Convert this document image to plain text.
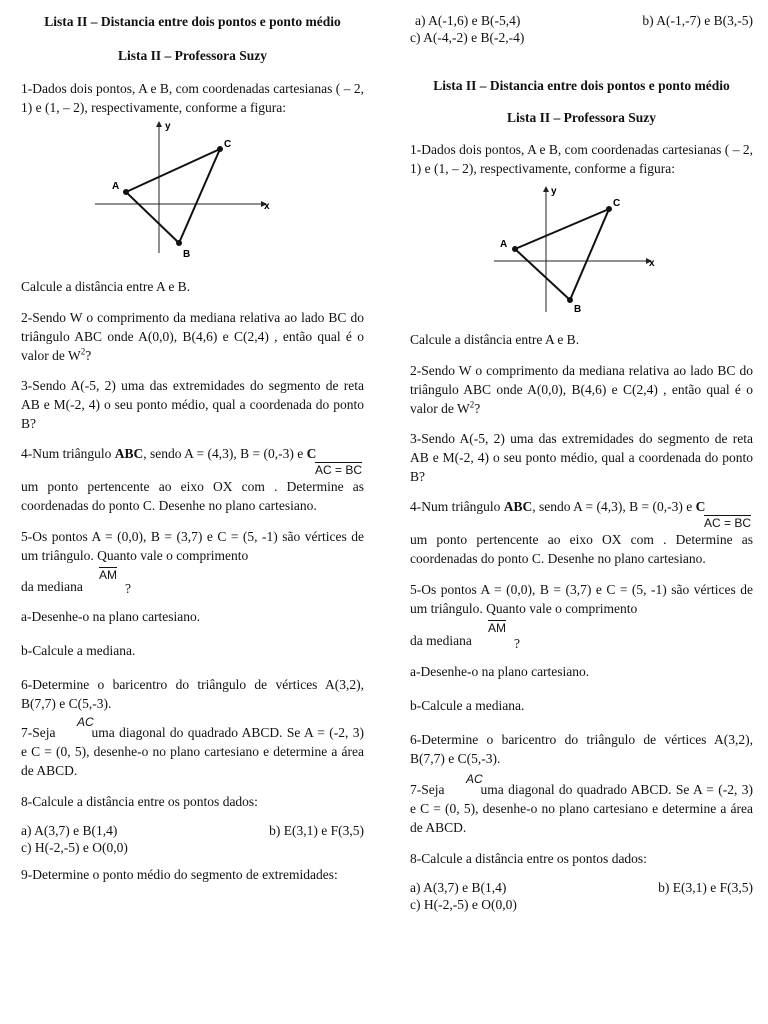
Lista II – Distancia entre dois pontos e ponto médio

Lista II – Professora Suzy

1-Dados dois pontos, A e B, com coordenadas cartesianas ( – 2, 1) e (1, – 2), respectivamente, conforme a figura:

x
y
A
C
B

Calcule a distância entre A e B.

2-Sendo W o comprimento da mediana relativa ao lado BC do triângulo ABC onde A(0,0), B(4,6) e C(2,4) , então qual é o valor de $W^2$?

3-Sendo A(-5, 2) uma das extremidades do segmento de reta AB e M(-2, 4) o seu ponto médio, qual a coordenada do ponto B?

4-Num triângulo ABC, sendo A = (4,3), B = (0,-3) e C

AC = BC

um ponto pertencente ao eixo OX com . Determine as coordenadas do ponto C. Desenhe no plano cartesiano.

5-Os pontos A = (0,0), B = (3,7) e C = (5, -1) são vértices de um triângulo. Quanto vale o comprimento

$\overline{AM}$
da mediana	?

a-Desenhe-o na plano cartesiano.

b-Calcule a mediana.

6-Determine o baricentro do triângulo de vértices A(3,2), B(7,7) e C(5,-3).

AC

7-Seja	uma diagonal do quadrado ABCD. Se A = (-2, 3) e C = (0, 5), desenhe-o no plano cartesiano e determine a área de ABCD.

8-Calcule a distância entre os pontos dados:

a) A(3,7) e B(1,4)	b) E(3,1) e F(3,5)
c) H(-2,-5) e O(0,0)

9-Determine o ponto médio do segmento de extremidades:

a) A(-1,6) e B(-5,4)	b) A(-1,-7) e B(3,-5)
c) A(-4,-2) e B(-2,-4)

Lista II – Distancia entre dois pontos e ponto médio

Lista II – Professora Suzy

1-Dados dois pontos, A e B, com coordenadas cartesianas ( – 2, 1) e (1, – 2), respectivamente, conforme a figura:

x
y
A
C
B

Calcule a distância entre A e B.

2-Sendo W o comprimento da mediana relativa ao lado BC do triângulo ABC onde A(0,0), B(4,6) e C(2,4) , então qual é o valor de $W^2$?

3-Sendo A(-5, 2) uma das extremidades do segmento de reta AB e M(-2, 4) o seu ponto médio, qual a coordenada do ponto B?

4-Num triângulo ABC, sendo A = (4,3), B = (0,-3) e C

AC = BC

um ponto pertencente ao eixo OX com . Determine as coordenadas do ponto C. Desenhe no plano cartesiano.

5-Os pontos A = (0,0), B = (3,7) e C = (5, -1) são vértices de um triângulo. Quanto vale o comprimento

$\overline{AM}$
da mediana	?

a-Desenhe-o na plano cartesiano.

b-Calcule a mediana.

6-Determine o baricentro do triângulo de vértices A(3,2), B(7,7) e C(5,-3).

AC

7-Seja	uma diagonal do quadrado ABCD. Se A = (-2, 3) e C = (0, 5), desenhe-o no plano cartesiano e determine a área de ABCD.

8-Calcule a distância entre os pontos dados:

a) A(3,7) e B(1,4)	b) E(3,1) e F(3,5)
c) H(-2,-5) e O(0,0)
